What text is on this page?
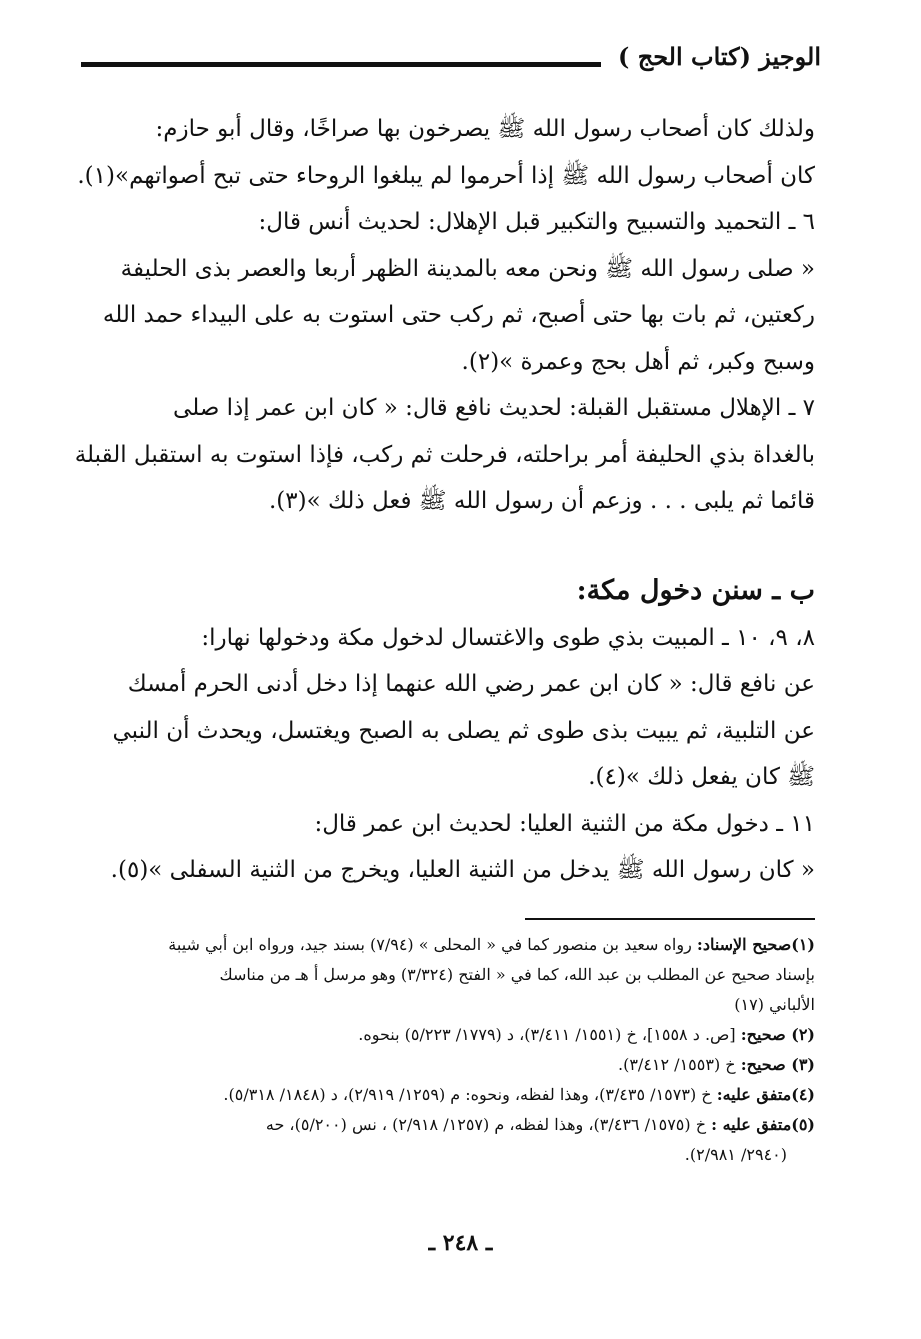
الوجيز (كتاب الحج )
ولذلك كان أصحاب رسول الله ﷺ يصرخون بها صراخًا، وقال أبو حازم:
كان أصحاب رسول الله ﷺ إذا أحرموا لم يبلغوا الروحاء حتى تبح أصواتهم»(١).
٦ ـ التحميد والتسبيح والتكبير قبل الإهلال: لحديث أنس قال:
« صلى رسول الله ﷺ ونحن معه بالمدينة الظهر أربعا والعصر بذى الحليفة
ركعتين، ثم بات بها حتى أصبح، ثم ركب حتى استوت به على البيداء حمد الله
وسبح وكبر، ثم أهل بحج وعمرة »(٢).
٧ ـ الإهلال مستقبل القبلة: لحديث نافع قال: « كان ابن عمر إذا صلى
بالغداة بذي الحليفة أمر براحلته، فرحلت ثم ركب، فإذا استوت به استقبل القبلة
قائما ثم يلبى . . . وزعم أن رسول الله ﷺ فعل ذلك »(٣).
ب ـ سنن دخول مكة:
٨، ٩، ١٠ ـ المبيت بذي طوى والاغتسال لدخول مكة ودخولها نهارا:
عن نافع قال: « كان ابن عمر رضي الله عنهما إذا دخل أدنى الحرم أمسك
عن التلبية، ثم يبيت بذى طوى ثم يصلى به الصبح ويغتسل، ويحدث أن النبي
ﷺ كان يفعل ذلك »(٤).
١١ ـ دخول مكة من الثنية العليا: لحديث ابن عمر قال:
« كان رسول الله ﷺ يدخل من الثنية العليا، ويخرج من الثنية السفلى »(٥).
(١)صحيح الإسناد: رواه سعيد بن منصور كما في « المحلى » (٧/٩٤) بسند جيد، ورواه ابن أبي شيبة
بإسناد صحيح عن المطلب بن عبد الله، كما في « الفتح (٣/٣٢٤) وهو مرسل أ هـ من مناسك
الألباني (١٧)
(٢) صحيح: [ص. د ١٥٥٨]، خ (١٥٥١/ ٣/٤١١)، د (١٧٧٩/ ٥/٢٢٣) بنحوه.
(٣) صحيح: خ (١٥٥٣/ ٣/٤١٢).
(٤)متفق عليه: خ (١٥٧٣/ ٣/٤٣٥)، وهذا لفظه، ونحوه: م (١٢٥٩/ ٢/٩١٩)، د (١٨٤٨/ ٥/٣١٨).
(٥)متفق عليه : خ (١٥٧٥/ ٣/٤٣٦)، وهذا لفظه، م (١٢٥٧/ ٢/٩١٨) ، نس (٥/٢٠٠)، حه
(٢٩٤٠/ ٢/٩٨١).
ـ ٢٤٨ ـ
